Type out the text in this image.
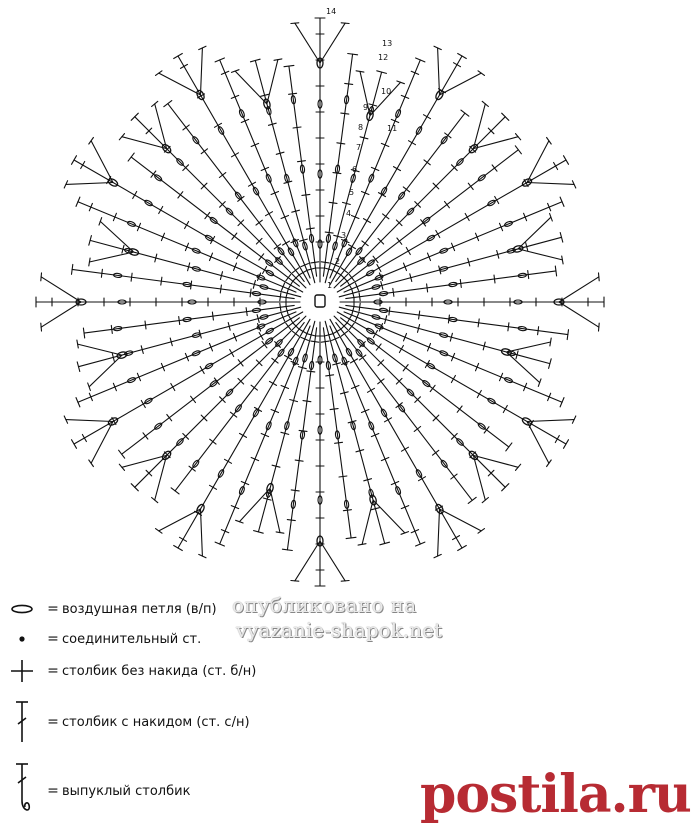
1
2
3
4
5
6
7
8
9
10
11
12
13
14
= воздушная петля (в/п)
= соединительный ст.
= столбик без накида (ст. б/н)
= столбик с накидом (ст. с/н)
= выпуклый столбик
опубликовано на
vyazanie-shapok.net
postila.ru
